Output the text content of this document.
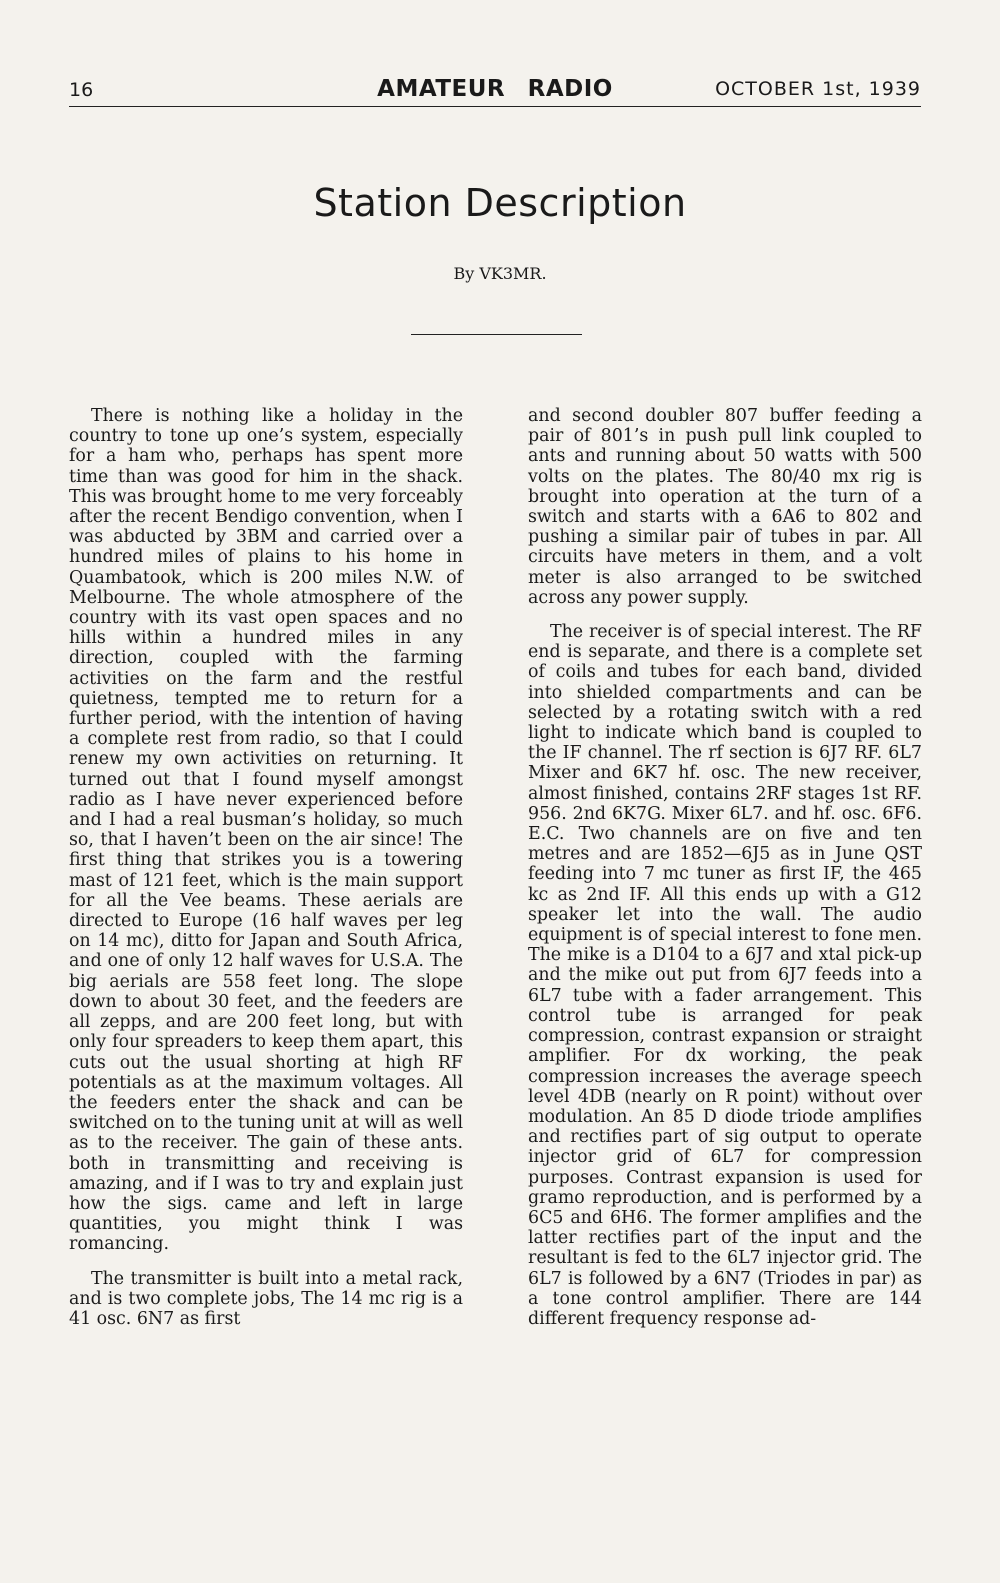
16	AMATEUR RADIO	OCTOBER 1st, 1939
Station Description
By VK3MR.

There is nothing like a holiday in the country to tone up one’s system, especially for a ham who, perhaps has spent more time than was good for him in the shack. This was brought home to me very forceably after the recent Bendigo convention, when I was abducted by 3BM and carried over a hundred miles of plains to his home in Quambatook, which is 200 miles N.W. of Melbourne. The whole atmosphere of the country with its vast open spaces and no hills within a hundred miles in any direction, coupled with the farming activities on the farm and the restful quietness, tempted me to return for a further period, with the intention of having a complete rest from radio, so that I could renew my own activities on returning. It turned out that I found myself amongst radio as I have never experienced before and I had a real busman’s holiday, so much so, that I haven’t been on the air since! The first thing that strikes you is a towering mast of 121 feet, which is the main support for all the Vee beams. These aerials are directed to Europe (16 half waves per leg on 14 mc), ditto for Japan and South Africa, and one of only 12 half waves for U.S.A. The big aerials are 558 feet long. The slope down to about 30 feet, and the feeders are all zepps, and are 200 feet long, but with only four spreaders to keep them apart, this cuts out the usual shorting at high RF potentials as at the maximum voltages. All the feeders enter the shack and can be switched on to the tuning unit at will as well as to the receiver. The gain of these ants. both in transmitting and receiving is amazing, and if I was to try and explain just how the sigs. came and left in large quantities, you might think I was romancing.

The transmitter is built into a metal rack, and is two complete jobs, The 14 mc rig is a 41 osc. 6N7 as first

and second doubler 807 buffer feeding a pair of 801’s in push pull link coupled to ants and running about 50 watts with 500 volts on the plates. The 80/40 mx rig is brought into operation at the turn of a switch and starts with a 6A6 to 802 and pushing a similar pair of tubes in par. All circuits have meters in them, and a volt meter is also arranged to be switched across any power supply.

The receiver is of special interest. The RF end is separate, and there is a complete set of coils and tubes for each band, divided into shielded compartments and can be selected by a rotating switch with a red light to indicate which band is coupled to the IF channel. The rf section is 6J7 RF. 6L7 Mixer and 6K7 hf. osc. The new receiver, almost finished, contains 2RF stages 1st RF. 956. 2nd 6K7G. Mixer 6L7. and hf. osc. 6F6. E.C. Two channels are on five and ten metres and are 1852—6J5 as in June QST feeding into 7 mc tuner as first IF, the 465 kc as 2nd IF. All this ends up with a G12 speaker let into the wall. The audio equipment is of special interest to fone men. The mike is a D104 to a 6J7 and xtal pick-up and the mike out put from 6J7 feeds into a 6L7 tube with a fader arrangement. This control tube is arranged for peak compression, contrast expansion or straight amplifier. For dx working, the peak compression increases the average speech level 4DB (nearly on R point) without over modulation. An 85 D diode triode amplifies and rectifies part of sig output to operate injector grid of 6L7 for compression purposes. Contrast expansion is used for gramo reproduction, and is performed by a 6C5 and 6H6. The former amplifies and the latter rectifies part of the input and the resultant is fed to the 6L7 injector grid. The 6L7 is followed by a 6N7 (Triodes in par) as a tone control amplifier. There are 144 different frequency response ad-
